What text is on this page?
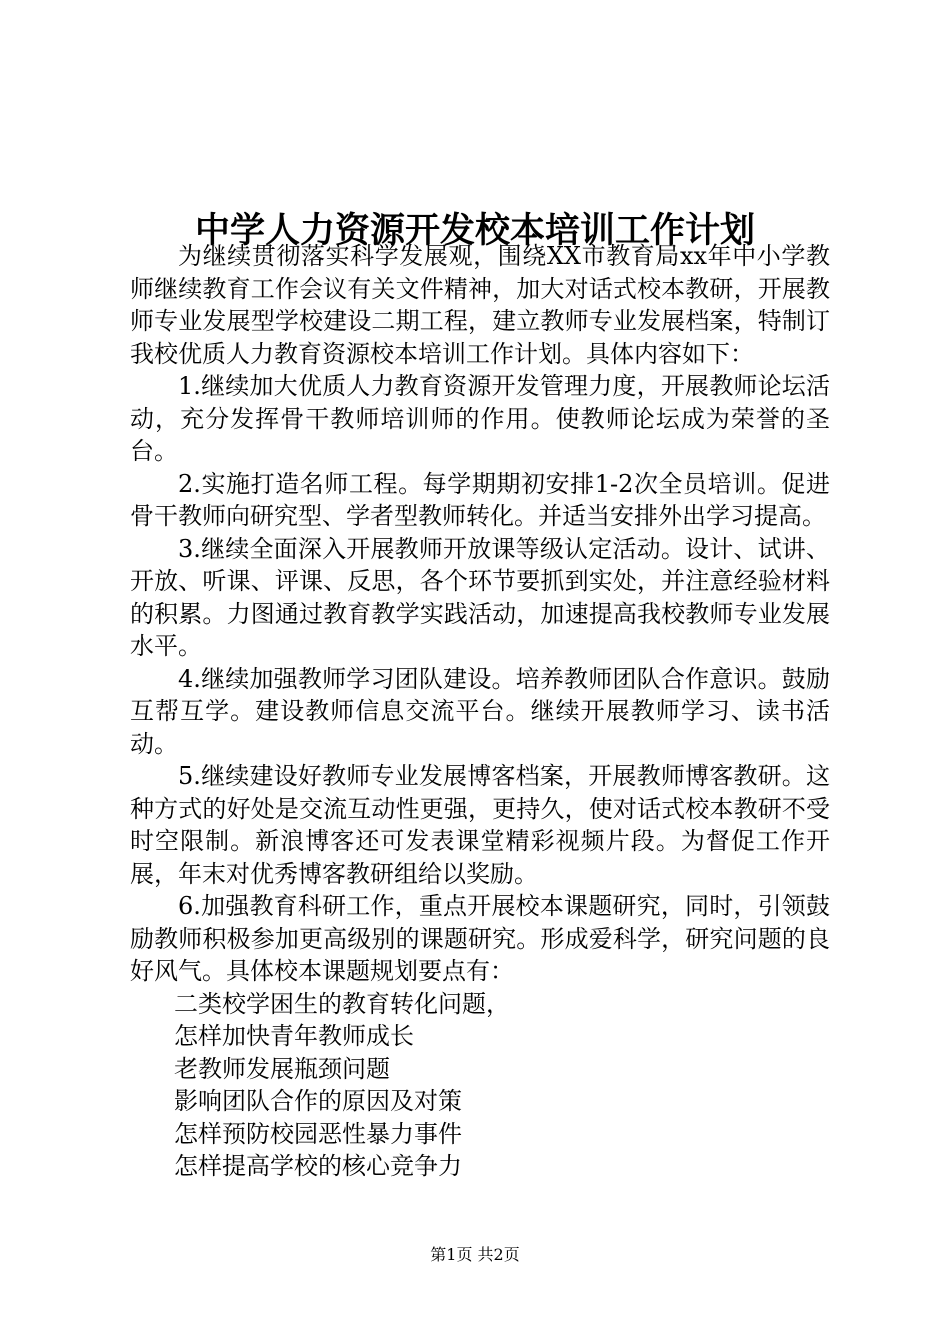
中学人力资源开发校本培训工作计划

为继续贯彻落实科学发展观，围绕XX市教育局xx年中小学教师继续教育工作会议有关文件精神，加大对话式校本教研，开展教师专业发展型学校建设二期工程，建立教师专业发展档案，特制订我校优质人力教育资源校本培训工作计划。具体内容如下：

1.继续加大优质人力教育资源开发管理力度，开展教师论坛活动，充分发挥骨干教师培训师的作用。使教师论坛成为荣誉的圣台。

2.实施打造名师工程。每学期期初安排1-2次全员培训。促进骨干教师向研究型、学者型教师转化。并适当安排外出学习提高。

3.继续全面深入开展教师开放课等级认定活动。设计、试讲、开放、听课、评课、反思，各个环节要抓到实处，并注意经验材料的积累。力图通过教育教学实践活动，加速提高我校教师专业发展水平。

4.继续加强教师学习团队建设。培养教师团队合作意识。鼓励互帮互学。建设教师信息交流平台。继续开展教师学习、读书活动。

5.继续建设好教师专业发展博客档案，开展教师博客教研。这种方式的好处是交流互动性更强，更持久，使对话式校本教研不受时空限制。新浪博客还可发表课堂精彩视频片段。为督促工作开展，年末对优秀博客教研组给以奖励。

6.加强教育科研工作，重点开展校本课题研究，同时，引领鼓励教师积极参加更高级别的课题研究。形成爱科学，研究问题的良好风气。具体校本课题规划要点有：

二类校学困生的教育转化问题，
怎样加快青年教师成长
老教师发展瓶颈问题
影响团队合作的原因及对策
怎样预防校园恶性暴力事件
怎样提高学校的核心竞争力
第1页 共2页
